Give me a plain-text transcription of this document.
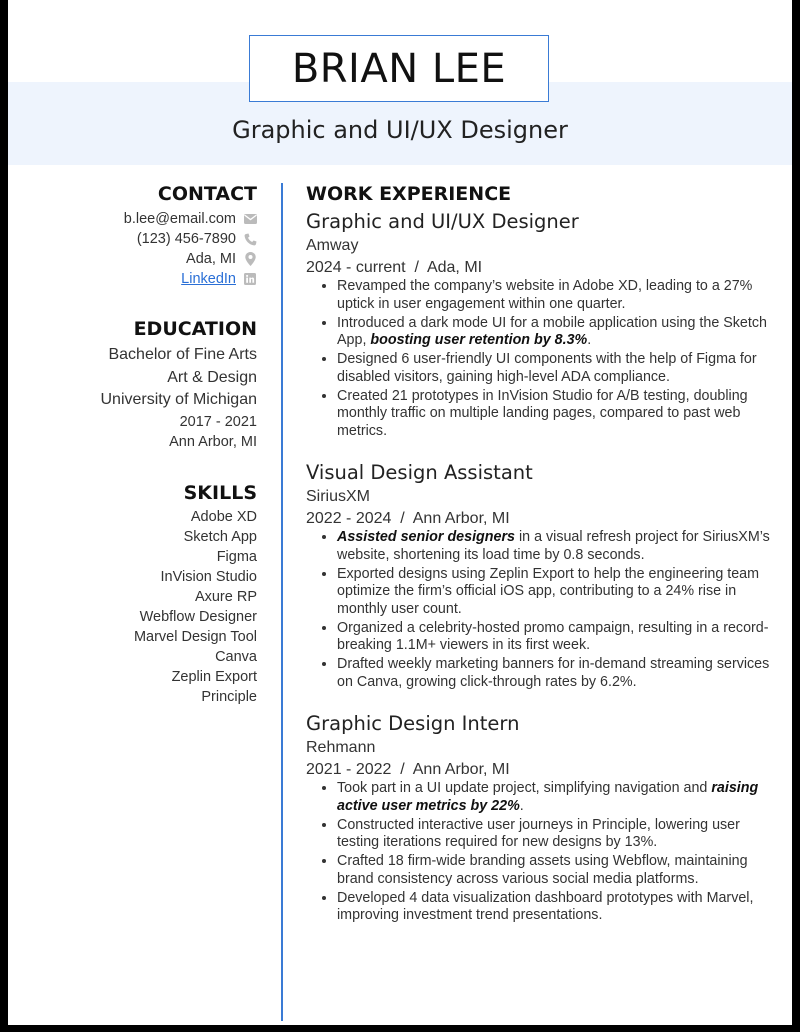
BRIAN LEE
Graphic and UI/UX Designer
CONTACT
b.lee@email.com
(123) 456-7890
Ada, MI
LinkedIn
EDUCATION
Bachelor of Fine Arts
Art & Design
University of Michigan
2017 - 2021
Ann Arbor, MI
SKILLS
Adobe XD
Sketch App
Figma
InVision Studio
Axure RP
Webflow Designer
Marvel Design Tool
Canva
Zeplin Export
Principle
WORK EXPERIENCE
Graphic and UI/UX Designer
Amway
2024 - current  /  Ada, MI
• Revamped the company’s website in Adobe XD, leading to a 27% uptick in user engagement within one quarter.
• Introduced a dark mode UI for a mobile application using the Sketch App, boosting user retention by 8.3%.
• Designed 6 user-friendly UI components with the help of Figma for disabled visitors, gaining high-level ADA compliance.
• Created 21 prototypes in InVision Studio for A/B testing, doubling monthly traffic on multiple landing pages, compared to past web metrics.
Visual Design Assistant
SiriusXM
2022 - 2024  /  Ann Arbor, MI
• Assisted senior designers in a visual refresh project for SiriusXM’s website, shortening its load time by 0.8 seconds.
• Exported designs using Zeplin Export to help the engineering team optimize the firm’s official iOS app, contributing to a 24% rise in monthly user count.
• Organized a celebrity-hosted promo campaign, resulting in a record-breaking 1.1M+ viewers in its first week.
• Drafted weekly marketing banners for in-demand streaming services on Canva, growing click-through rates by 6.2%.
Graphic Design Intern
Rehmann
2021 - 2022  /  Ann Arbor, MI
• Took part in a UI update project, simplifying navigation and raising active user metrics by 22%.
• Constructed interactive user journeys in Principle, lowering user testing iterations required for new designs by 13%.
• Crafted 18 firm-wide branding assets using Webflow, maintaining brand consistency across various social media platforms.
• Developed 4 data visualization dashboard prototypes with Marvel, improving investment trend presentations.
